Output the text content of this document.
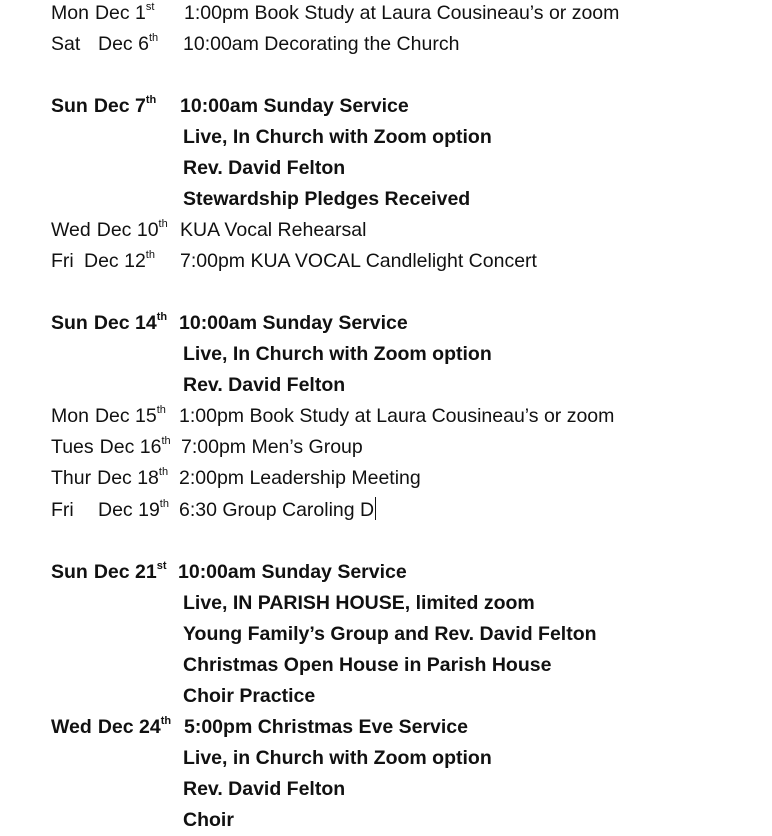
Mon Dec 1st 1:00pm Book Study at Laura Cousineau’s or zoom
Sat Dec 6th 10:00am Decorating the Church
Sun Dec 7th 10:00am Sunday Service
Live, In Church with Zoom option
Rev. David Felton
Stewardship Pledges Received
Wed Dec 10th KUA Vocal Rehearsal
Fri Dec 12th 7:00pm KUA VOCAL Candlelight Concert
Sun Dec 14th 10:00am Sunday Service
Live, In Church with Zoom option
Rev. David Felton
Mon Dec 15th 1:00pm Book Study at Laura Cousineau’s or zoom
Tues Dec 16th 7:00pm Men’s Group
Thur Dec 18th 2:00pm Leadership Meeting
Fri Dec 19th 6:30 Group Caroling D
Sun Dec 21st 10:00am Sunday Service
Live, IN PARISH HOUSE, limited zoom
Young Family’s Group and Rev. David Felton
Christmas Open House in Parish House
Choir Practice
Wed Dec 24th 5:00pm Christmas Eve Service
Live, in Church with Zoom option
Rev. David Felton
Choir
